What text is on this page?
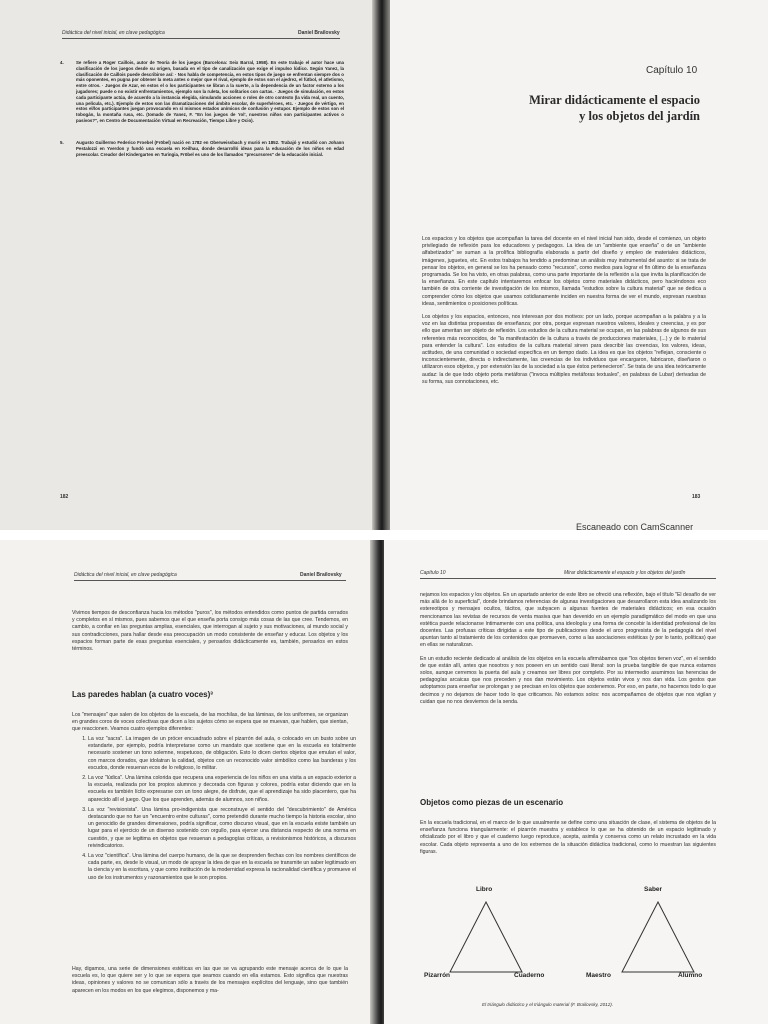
Didáctica del nivel inicial, en clave pedagógica	Daniel Brailovsky
4.	Se refiere a Roger Caillois, autor de Teoría de los juegos (Barcelona: Seix Barral, 1958). En este trabajo el autor hace una clasificación de los juegos desde su origen, basada en el tipo de canalización que exige el impulso lúdico. Según Yanez, la clasificación de Caillois puede describirse así: · Nos habla de competencia, en estos tipos de juego se enfrentan siempre dos o más oponentes, en pugna por obtener la meta antes o mejor que el rival, ejemplo de estos son el ajedrez, el fútbol, el atletismo, entre otros. · Juegos de Azar, en estos el o los participantes se libran a la suerte, a la dependencia de un factor externo a los jugadores; puede o no existir enfrentamientos, ejemplo son la ruleta, los solitarios con cartas. · Juegos de simulación, en estos cada participante actúa, de acuerdo a la instancia elegida, simulando acciones o roles de otro contexto (la vida real, un cuento, una película, etc.). Ejemplo de estos son las dramatizaciones del ámbito escolar, de superhéroes, etc. · Juegos de vértigo, en estos el/los participantes juegan provocando en sí mismos estados anímicos de confusión y estupor. Ejemplo de estos son el tobogán, la montaña rusa, etc. (tomado de Yanez, F. "En los juegos de 'rol', nuestros niños son participantes activos o pasivos?", en Centro de Documentación Virtual en Recreación, Tiempo Libre y Ocio).
5.	Augusto Guillermo Federico Froebel (Fröbel) nació en 1782 en Oberweissbach y murió en 1852. Trabajó y estudió con Johann Pestalozzi en Yverdon y fundó una escuela en Keilhau, donde desarrolló ideas para la educación de los niños en edad preescolar. Creador del Kindergarten en Turingia, Fröbel es uno de los llamados "precursores" de la educación inicial.
182
Capítulo 10
Mirar didácticamente el espacio
y los objetos del jardín

Los espacios y los objetos que acompañan la tarea del docente en el nivel inicial han sido, desde el comienzo, un objeto privilegiado de reflexión para los educadores y pedagogos. La idea de un "ambiente que enseña" o de un "ambiente alfabetizador" se suman a la prolífica bibliografía elaborada a partir del diseño y empleo de materiales didácticos, imágenes, juguetes, etc. En estos trabajos ha tendido a predominar un análisis muy instrumental del asunto: si se trata de pensar los objetos, en general se los ha pensado como "recursos", como medios para lograr el fin último de la enseñanza programada. Se los ha visto, en otras palabras, como una parte importante de la reflexión a la que invita la planificación de la enseñanza. En este capítulo intentaremos enfocar los objetos como materiales didácticos, pero haciéndonos eco también de otra corriente de investigación de los mismos, llamada "estudios sobre la cultura material" que se dedica a comprender cómo los objetos que usamos cotidianamente inciden en nuestra forma de ver el mundo, expresan nuestras ideas, sentimientos o posiciones políticas.

Los objetos y los espacios, entonces, nos interesan por dos motivos: por un lado, porque acompañan a la palabra y a la voz en las distintas propuestas de enseñanza; por otra, porque expresan nuestros valores, ideales y creencias, y es por ello que ameritan ser objeto de reflexión. Los estudios de la cultura material se ocupan, en las palabras de algunos de sus referentes más reconocidos, de "la manifestación de la cultura a través de producciones materiales, (...) y de lo material para entender la cultura". Los estudios de la cultura material sirven para describir las creencias, los valores, ideas, actitudes, de una comunidad o sociedad específica en un tiempo dado. La idea es que los objetos "reflejan, consciente o inconscientemente, directa o indirectamente, las creencias de los individuos que encargaron, fabricaron, diseñaron o utilizaron esos objetos, y por extensión las de la sociedad a la que éstos pertenecieron". Se trata de una idea teóricamente audaz: la de que todo objeto porta metáforas ("invoca múltiples metáforas textuales", en palabras de Lubar) derivadas de su forma, sus connotaciones, etc.

183
Escaneado con CamScanner
Didáctica del nivel inicial, en clave pedagógica	Daniel Brailovsky
Vivimos tiempos de desconfianza hacia los métodos "puros", los métodos entendidos como puntos de partida cerrados y completos en sí mismos, pues sabemos que el que enseña porta consigo más cosas de las que cree. Tendemos, en cambio, a confiar en las preguntas amplias, esenciales, que interrogan al sujeto y sus motivaciones, al mundo social y sus contradicciones, para hallar desde esa preocupación un modo consistente de enseñar y educar. Los objetos y los espacios forman parte de esas preguntas esenciales, y pensarlos didácticamente es, también, pensarlos en estos términos.
Las paredes hablan (a cuatro voces)³
Los "mensajes" que salen de los objetos de la escuela, de las mochilas, de las láminas, de los uniformes, se organizan en grandes coros de voces colectivas que dicen a los sujetos cómo se espera que se muevan, que hablen, que sientan, que reaccionen. Veamos cuatro ejemplos diferentes:
1. La voz "sacra". La imagen de un prócer encuadrado sobre el pizarrón del aula, o colocado en un busto sobre un estandarte, por ejemplo, podría interpretarse como un mandato que sostiene que en la escuela es totalmente necesario sostener un tono solemne, respetuoso, de obligación. Esto lo dicen ciertos objetos que emulan el valor, con marcos dorados, que idolatran la calidad, objetos con un reconocido valor simbólico como las banderas y los escudos, donde resuenan ecos de lo religioso, lo militar.
2. La voz "lúdica". Una lámina colorida que recupera una experiencia de los niños en una visita a un espacio exterior a la escuela, realizada por los propios alumnos y decorada con figuras y colores, podría estar diciendo que en la escuela es también lícito expresarse con un tono alegre, de disfrute, que el aprendizaje ha sido placentero, que ha aparecido allí el juego. Que los que aprenden, además de alumnos, son niños.
3. La voz "revisionista". Una lámina pro-indigenista que reconstruye el sentido del "descubrimiento" de América destacando que no fue un "encuentro entre culturas", como pretendió durante mucho tiempo la historia escolar, sino un genocidio de grandes dimensiones, podría significar, como discurso visual, que en la escuela existe también un lugar para el ejercicio de un disenso sostenido con orgullo, para ejercer una distancia respecto de una norma en cuestión, y que se legitima en objetos que resuenan a pedagogías críticas, a revisionismos históricos, a discursos reivindicatorios.
4. La voz "científica". Una lámina del cuerpo humano, de la que se desprenden flechas con los nombres científicos de cada parte, es, desde lo visual, un modo de apoyar la idea de que en la escuela se transmite un saber legitimado en la ciencia y en la escritura, y que como institución de la modernidad expresa la racionalidad científica y promueve el uso de los instrumentos y razonamientos que le son propios.
Hay, digamos, una serie de dimensiones estéticas en las que se va agrupando este mensaje acerca de lo que la escuela es, lo que quiere ser y lo que se espera que seamos cuando en ella estamos. Esto significa que nuestras ideas, opiniones y valores no se comunican sólo a través de los mensajes explícitos del lenguaje, sino que también aparecen en los modos en los que elegimos, disponemos y ma-
Capítulo 10	Mirar didácticamente el espacio y los objetos del jardín

nejamos los espacios y los objetos. En un apartado anterior de este libro se ofreció una reflexión, bajo el título "El desafío de ver más allá de lo superficial", donde brindamos referencias de algunas investigaciones que desarrollaron esta idea analizando los estereotipos y mensajes ocultos, tácitos, que subyacen a algunas fuentes de materiales didácticos; en esa ocasión mencionamos las revistas de recursos de venta masiva que han devenido en un ejemplo paradigmático del modo en que una estética puede relacionarse íntimamente con una política, una ideología y una forma de concebir la identidad profesional de los docentes. Las profusas críticas dirigidas a este tipo de publicaciones desde el arco progresista de la pedagogía del nivel apuntan tanto al tratamiento de los contenidos que promueven, como a las asociaciones estéticas (y por lo tanto, políticas) que en ellas se naturalizan.

En un estudio reciente dedicado al análisis de los objetos en la escuela afirmábamos que "los objetos tienen voz", en el sentido de que están allí, antes que nosotros y nos poseen en un sentido casi literal: son la prueba tangible de que nunca estamos solos, aunque cerremos la puerta del aula y creamos ser libres por completo. Por su intermedio asumimos las herencias de pedagogías arcaicas que nos preceden y nos dan movimiento. Los objetos están vivos y nos dan vida. Los gestos que adoptamos para enseñar se prolongan y se precisan en los objetos que sostenemos. Por eso, en parte, no hacemos todo lo que decimos y no dejamos de hacer todo lo que criticamos. No estamos solos: nos acompañamos de objetos que nos vigilan y cuidan que no nos desviemos de la senda.

Objetos como piezas de un escenario
En la escuela tradicional, en el marco de lo que usualmente se define como una situación de clase, el sistema de objetos de la enseñanza funciona triangularmente: el pizarrón muestra y establece lo que se ha obtenido de un espacio legitimado y oficializado por el libro y que el cuaderno luego reproduce, acepta, asimila y conserva como un relato incrustado en la vida escolar. Cada objeto representa a uno de los extremos de la situación didáctica tradicional, como lo muestran las siguientes figuras.
Libro
Pizarrón	Cuaderno
Saber
Maestro	Alumno
El triángulo didáctico y el triángulo material (F. Brailovsky, 2012).
